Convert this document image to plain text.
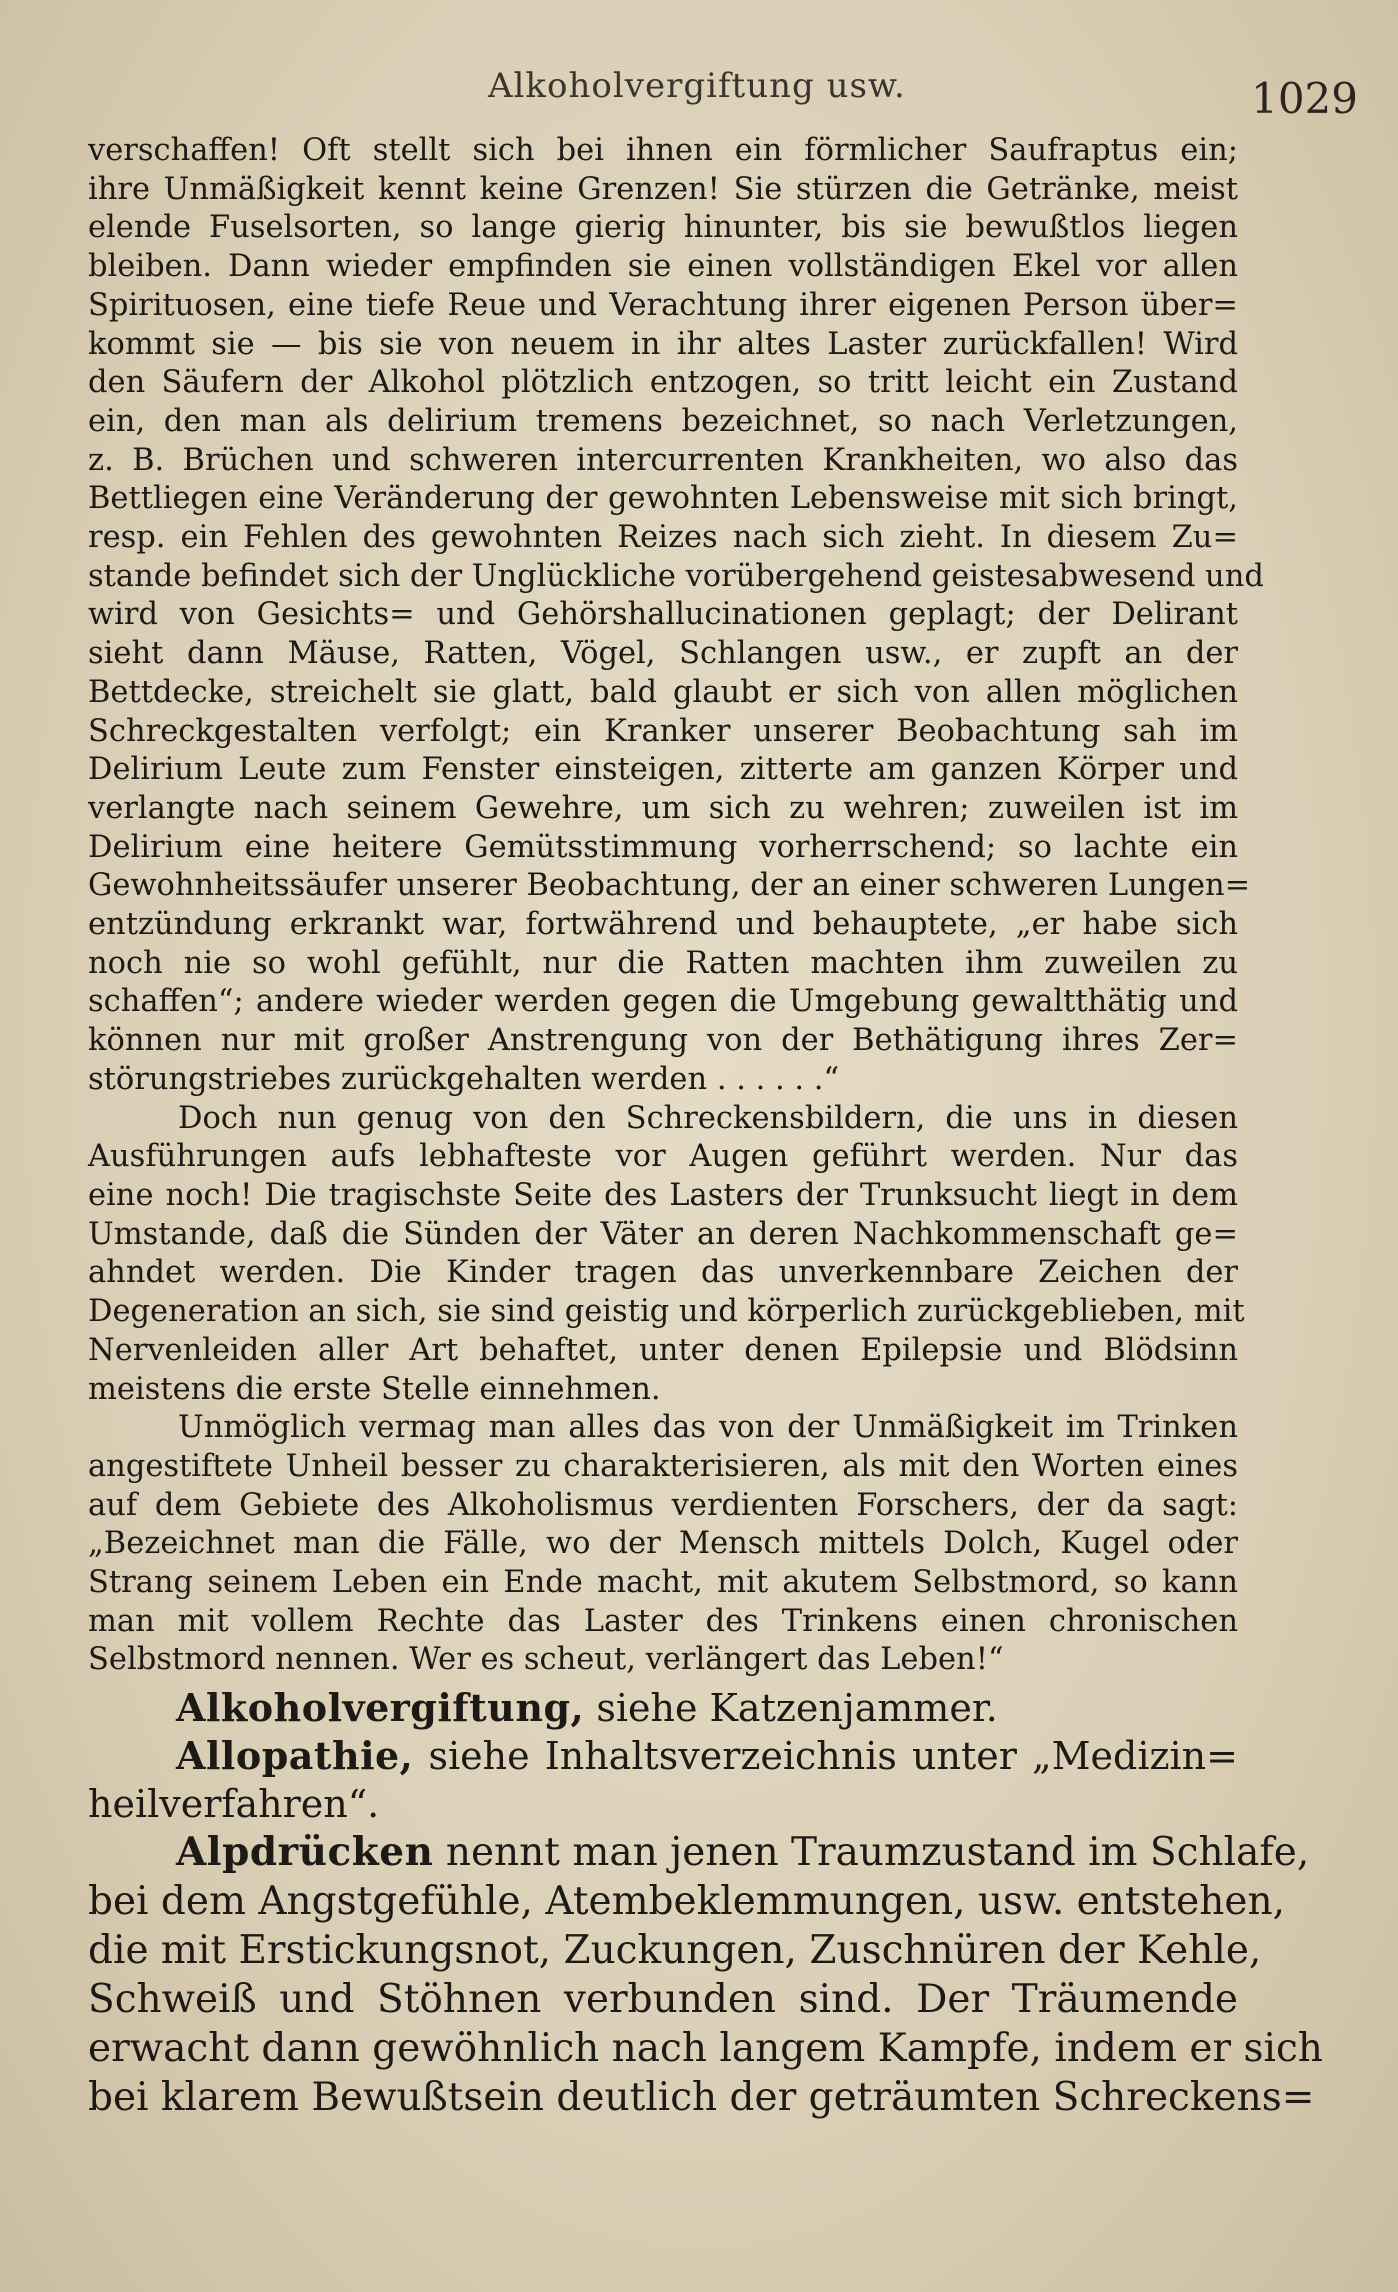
Alkoholvergiftung usw.	1029
verschaffen! Oft stellt sich bei ihnen ein förmlicher Saufraptus ein;
ihre Unmäßigkeit kennt keine Grenzen! Sie stürzen die Getränke, meist
elende Fuselsorten, so lange gierig hinunter, bis sie bewußtlos liegen
bleiben. Dann wieder empfinden sie einen vollständigen Ekel vor allen
Spirituosen, eine tiefe Reue und Verachtung ihrer eigenen Person über=
kommt sie — bis sie von neuem in ihr altes Laster zurückfallen! Wird
den Säufern der Alkohol plötzlich entzogen, so tritt leicht ein Zustand
ein, den man als delirium tremens bezeichnet, so nach Verletzungen,
z. B. Brüchen und schweren intercurrenten Krankheiten, wo also das
Bettliegen eine Veränderung der gewohnten Lebensweise mit sich bringt,
resp. ein Fehlen des gewohnten Reizes nach sich zieht. In diesem Zu=
stande befindet sich der Unglückliche vorübergehend geistesabwesend und
wird von Gesichts= und Gehörshallucinationen geplagt; der Delirant
sieht dann Mäuse, Ratten, Vögel, Schlangen usw., er zupft an der
Bettdecke, streichelt sie glatt, bald glaubt er sich von allen möglichen
Schreckgestalten verfolgt; ein Kranker unserer Beobachtung sah im
Delirium Leute zum Fenster einsteigen, zitterte am ganzen Körper und
verlangte nach seinem Gewehre, um sich zu wehren; zuweilen ist im
Delirium eine heitere Gemütsstimmung vorherrschend; so lachte ein
Gewohnheitssäufer unserer Beobachtung, der an einer schweren Lungen=
entzündung erkrankt war, fortwährend und behauptete, „er habe sich
noch nie so wohl gefühlt, nur die Ratten machten ihm zuweilen zu
schaffen“; andere wieder werden gegen die Umgebung gewaltthätig und
können nur mit großer Anstrengung von der Bethätigung ihres Zer=
störungstriebes zurückgehalten werden . . . . . .“
Doch nun genug von den Schreckensbildern, die uns in diesen
Ausführungen aufs lebhafteste vor Augen geführt werden. Nur das
eine noch! Die tragischste Seite des Lasters der Trunksucht liegt in dem
Umstande, daß die Sünden der Väter an deren Nachkommenschaft ge=
ahndet werden. Die Kinder tragen das unverkennbare Zeichen der
Degeneration an sich, sie sind geistig und körperlich zurückgeblieben, mit
Nervenleiden aller Art behaftet, unter denen Epilepsie und Blödsinn
meistens die erste Stelle einnehmen.
Unmöglich vermag man alles das von der Unmäßigkeit im Trinken
angestiftete Unheil besser zu charakterisieren, als mit den Worten eines
auf dem Gebiete des Alkoholismus verdienten Forschers, der da sagt:
„Bezeichnet man die Fälle, wo der Mensch mittels Dolch, Kugel oder
Strang seinem Leben ein Ende macht, mit akutem Selbstmord, so kann
man mit vollem Rechte das Laster des Trinkens einen chronischen
Selbstmord nennen. Wer es scheut, verlängert das Leben!“
Alkoholvergiftung, siehe Katzenjammer.
Allopathie, siehe Inhaltsverzeichnis unter „Medizin=
heilverfahren“.
Alpdrücken nennt man jenen Traumzustand im Schlafe,
bei dem Angstgefühle, Atembeklemmungen, usw. entstehen,
die mit Erstickungsnot, Zuckungen, Zuschnüren der Kehle,
Schweiß und Stöhnen verbunden sind. Der Träumende
erwacht dann gewöhnlich nach langem Kampfe, indem er sich
bei klarem Bewußtsein deutlich der geträumten Schreckens=
